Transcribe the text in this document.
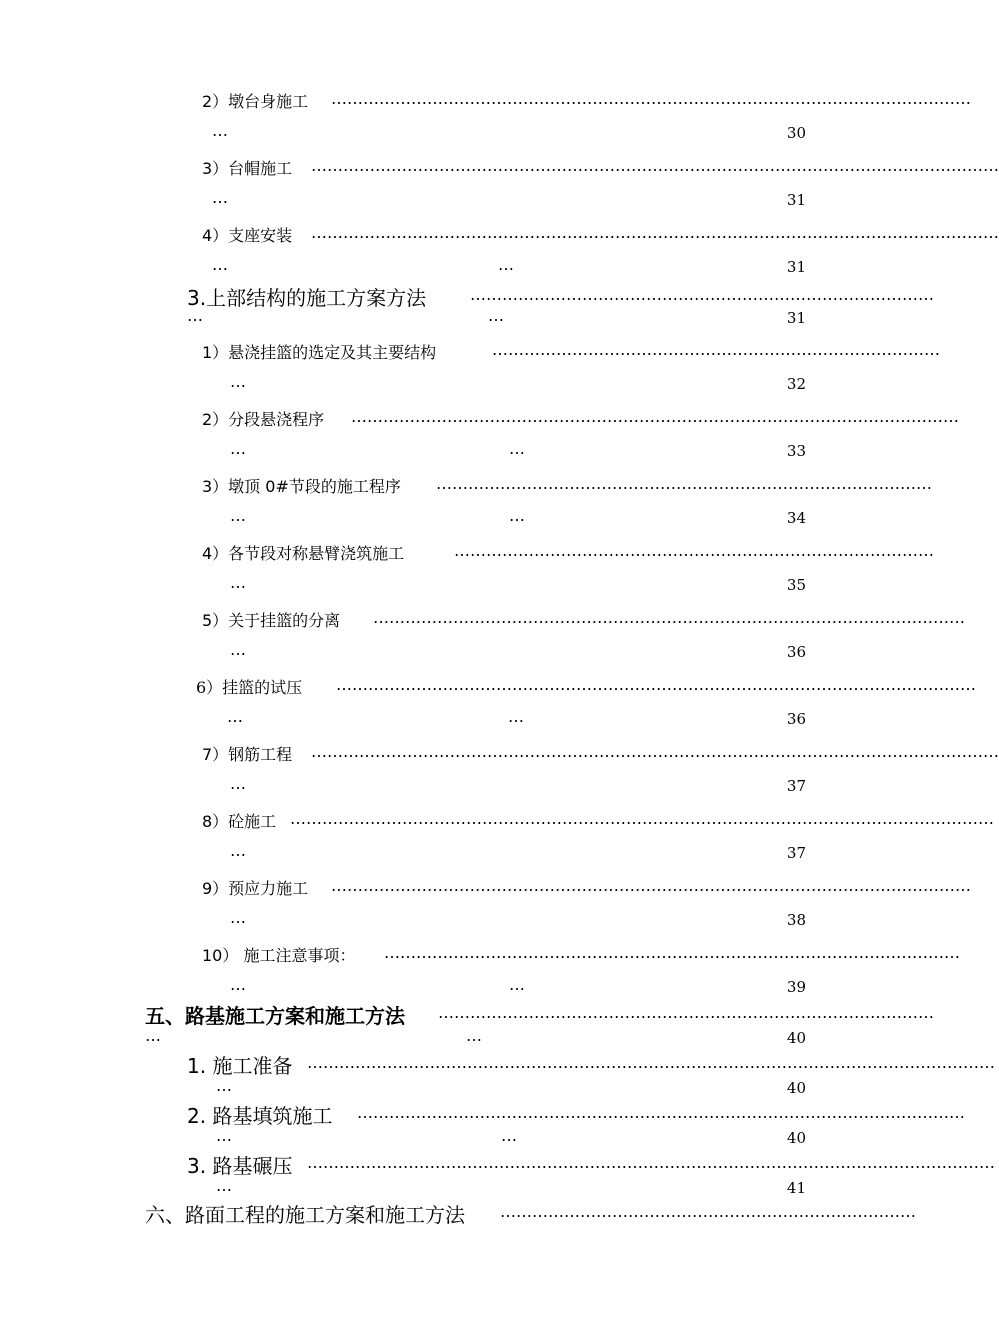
2）墩台身施工 …………………………………………………………………………………………………………
…	30
3）台帽施工 …………………………………………………………………………………………………………………
…	31
4）支座安装 …………………………………………………………………………………………………………………
…	…	31
3.上部结构的施工方案方法	……………………………………………………………………………
…	…	31
1）悬浇挂篮的选定及其主要结构	…………………………………………………………………………
…	32
2）分段悬浇程序 ……………………………………………………………………………………………………
…	…	33
3）墩顶 0#节段的施工程序 …………………………………………………………………………………
…	…	34
4）各节段对称悬臂浇筑施工	………………………………………………………………………………
…	35
5）关于挂篮的分离 …………………………………………………………………………………………………
…	36
6）挂篮的试压 …………………………………………………………………………………………………………
…	…	36
7）钢筋工程 …………………………………………………………………………………………………………………
…	37
8）砼施工 ……………………………………………………………………………………………………………………
…	37
9）预应力施工 …………………………………………………………………………………………………………
…	38
10） 施工注意事项： ………………………………………………………………………………………………
…	…	39
五、路基施工方案和施工方法 …………………………………………………………………………………
…	…	40
1. 施工准备 …………………………………………………………………………………………………………………
…	40
2. 路基填筑施工 ……………………………………………………………………………………………………
…	…	40
3. 路基碾压 …………………………………………………………………………………………………………………
…	41
六、路面工程的施工方案和施工方法 ……………………………………………………………………
